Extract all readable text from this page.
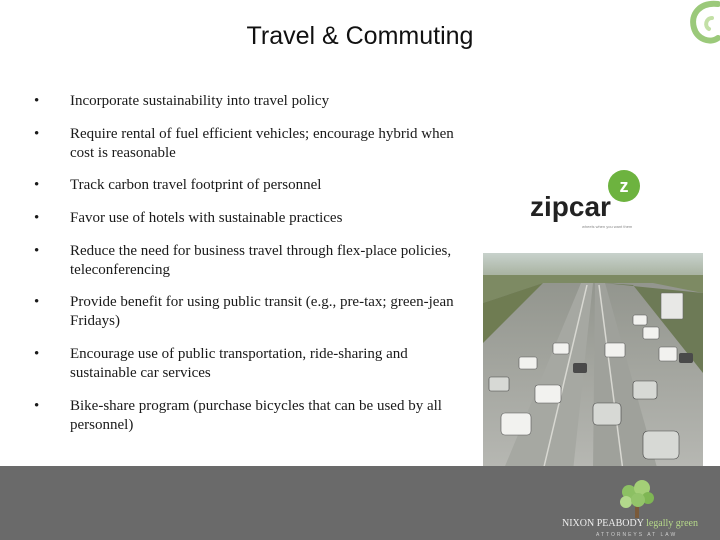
Travel & Commuting
• Incorporate sustainability into travel policy
• Require rental of fuel efficient vehicles; encourage hybrid when cost is reasonable
• Track carbon travel footprint of personnel
• Favor use of hotels with sustainable practices
• Reduce the need for business travel through flex-place policies, teleconferencing
• Provide benefit for using public transit (e.g., pre-tax; green-jean Fridays)
• Encourage use of public transportation, ride-sharing and sustainable car services
• Bike-share program (purchase bicycles that can be used by all personnel)
z
zipcar
wheels when you want them
NIXON PEABODY legally green
ATTORNEYS AT LAW
